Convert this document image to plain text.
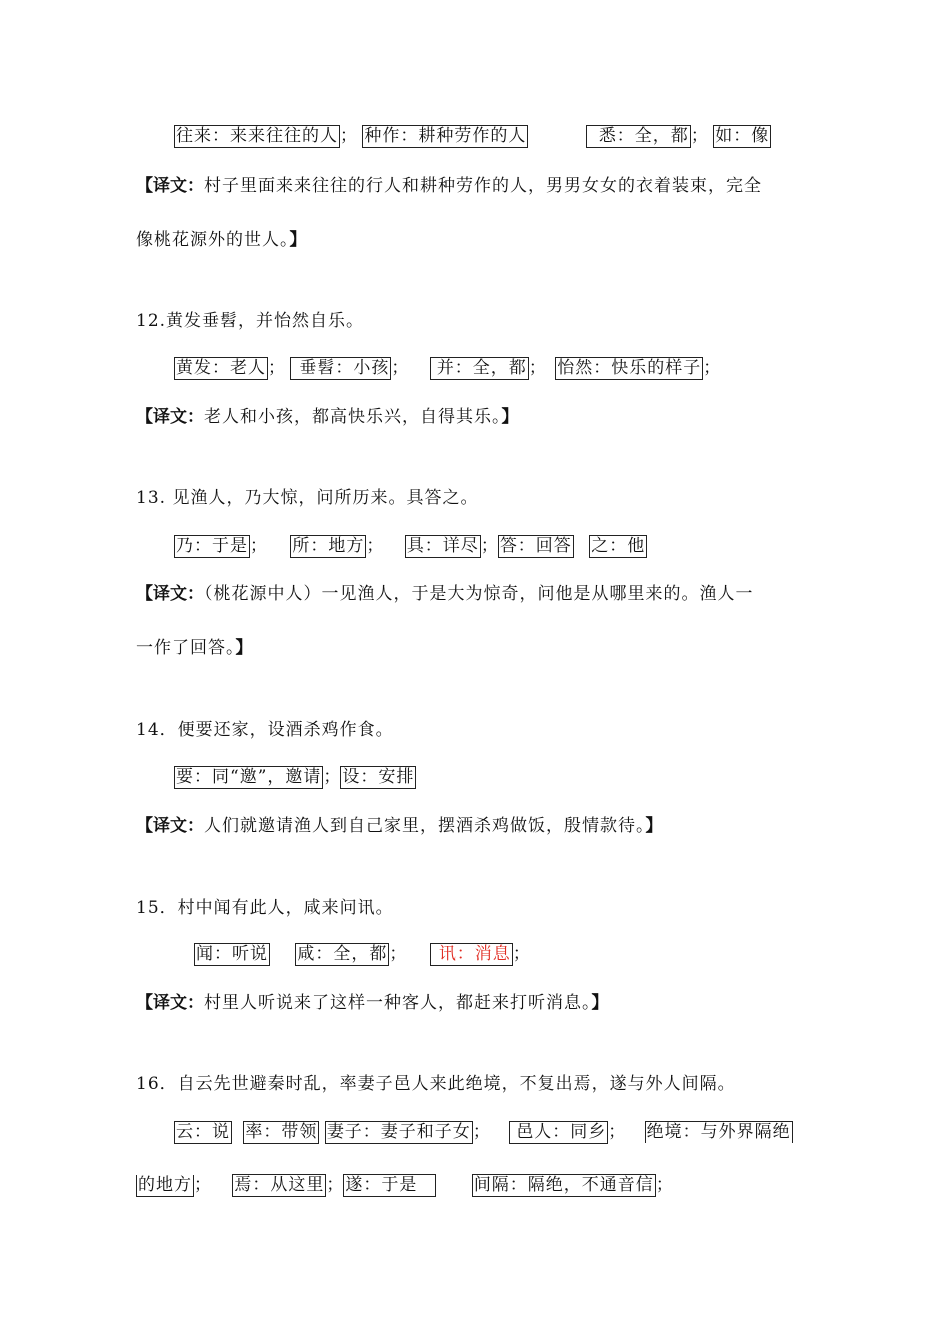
往来：来来往往的人 ； 种作：耕种劳作的人	悉：全，都 ； 如：像
【译文：村子里面来来往往的行人和耕种劳作的人，男男女女的衣着装束，完全
像桃花源外的世人。】
12.黄发垂髫，并怡然自乐。
黄发：老人 ； 垂髫：小孩 ； 并：全，都 ； 怡然：快乐的样子 ；
【译文：老人和小孩，都高快乐兴，自得其乐。】
13. 见渔人，乃大惊，问所历来。具答之。
乃：于是 ； 所：地方 ； 具：详尽 ； 答：回答 之：他
【译文：（桃花源中人）一见渔人，于是大为惊奇，问他是从哪里来的。渔人一
一作了回答。】
14．便要还家，设酒杀鸡作食。
要：同“邀”，邀请 ； 设：安排
【译文：人们就邀请渔人到自己家里，摆酒杀鸡做饭，殷情款待。】
15．村中闻有此人，咸来问讯。
闻：听说 咸：全，都 ； 讯：消息 ；
【译文：村里人听说来了这样一种客人，都赶来打听消息。】
16．自云先世避秦时乱，率妻子邑人来此绝境，不复出焉，遂与外人间隔。
云：说 率：带领 妻子：妻子和子女 ； 邑人：同乡 ； 绝境：与外界隔绝
的地方 ； 焉：从这里 ； 遂：于是	间隔：隔绝，不通音信 ；
